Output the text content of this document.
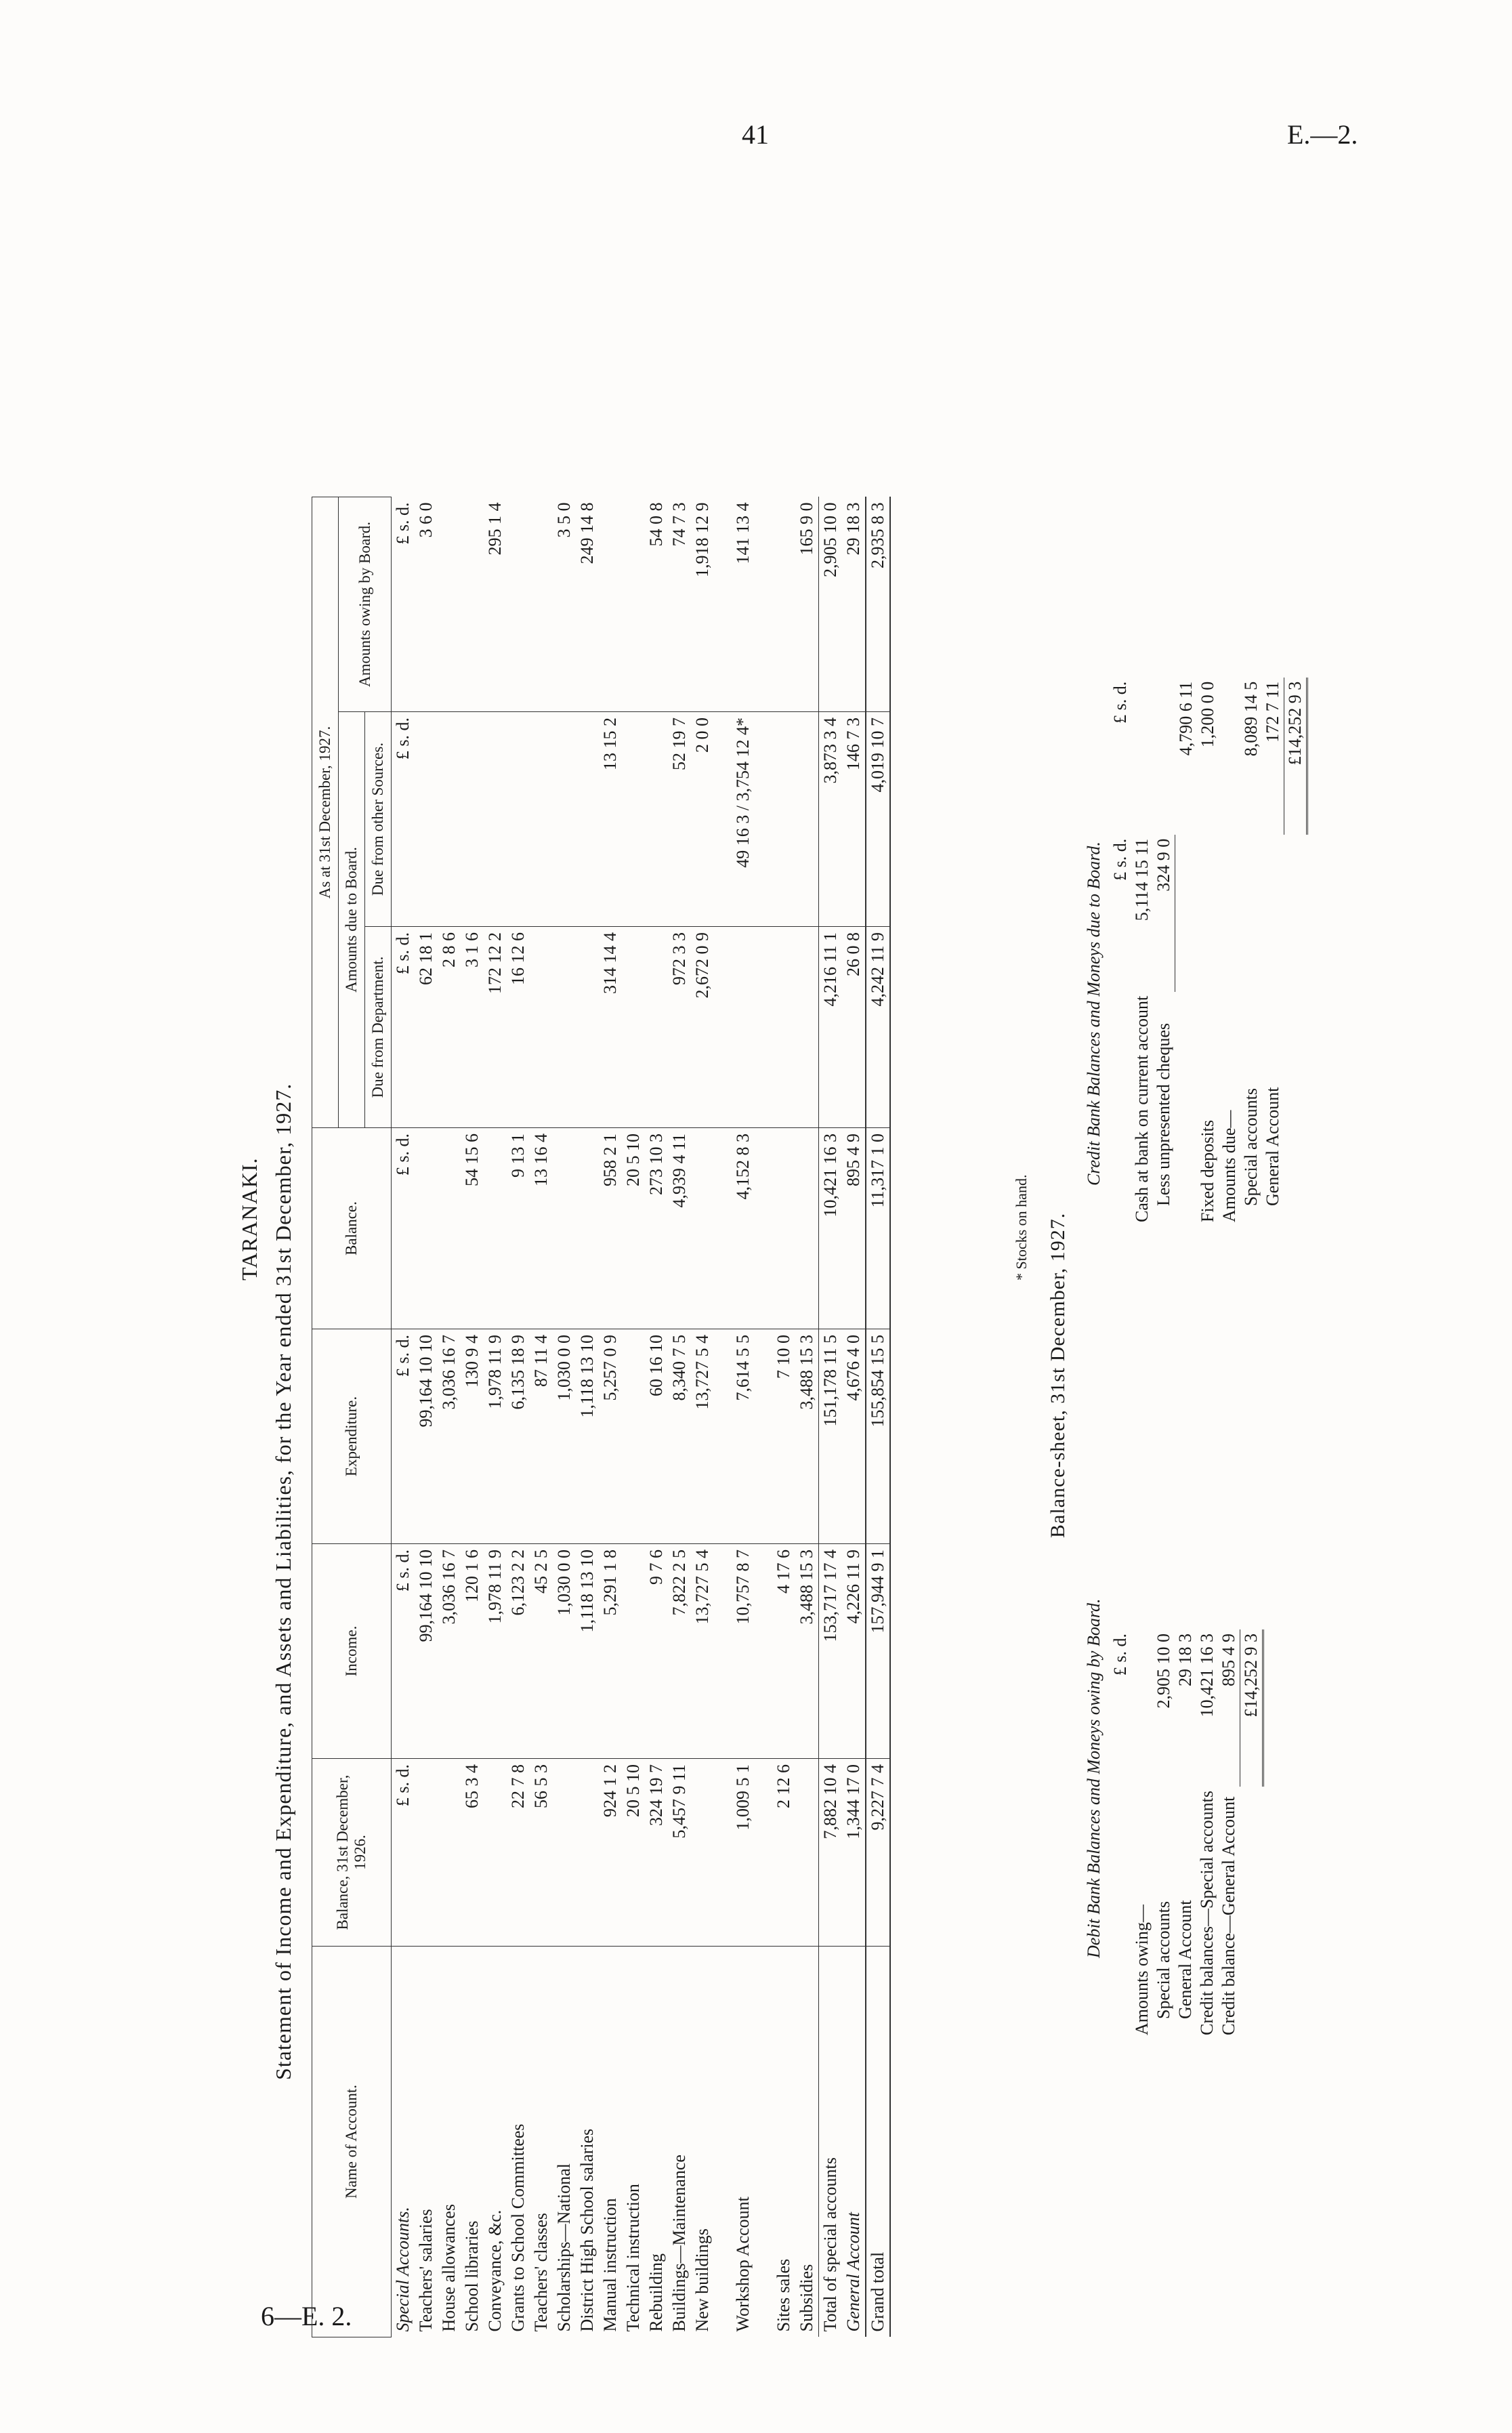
41	E.—2.
6—E. 2.
TARANAKI. Statement of Income and Expenditure, and Assets and Liabilities, for the Year ended 31st December, 1927.
Name of Account.	Balance, 31st December, 1926.	Income.	Expenditure.	Balance.	As at 31st December, 1927.		
					Amounts due to Board.		Amounts owing by Board.
					Due from Department.	Due from other Sources.	
Special Accounts.	£ s. d.	£ s. d.	£ s. d.	£ s. d.	£ s. d.	£ s. d.	£ s. d.
Teachers' salaries		99,164 10 10	99,164 10 10		62 18 1		3 6 0
House allowances		3,036 16 7	3,036 16 7		2 8 6		
School libraries	65 3 4	120 1 6	130 9 4	54 15 6	3 1 6		
Conveyance, &c.		1,978 11 9	1,978 11 9		172 12 2		295 1 4
Grants to School Committees	22 7 8	6,123 2 2	6,135 18 9	9 13 1	16 12 6		
Teachers' classes	56 5 3	45 2 5	87 11 4	13 16 4			
Scholarships—National		1,030 0 0	1,030 0 0				3 5 0
District High School salaries		1,118 13 10	1,118 13 10				249 14 8
Manual instruction	924 1 2	5,291 1 8	5,257 0 9	958 2 1	314 14 4	13 15 2	
Technical instruction	20 5 10			20 5 10			
Rebuilding	324 19 7	9 7 6	60 16 10	273 10 3			54 0 8
Buildings—Maintenance	5,457 9 11	7,822 2 5	8,340 7 5	4,939 4 11	972 3 3	52 19 7	74 7 3
New buildings		13,727 5 4	13,727 5 4		2,672 0 9	2 0 0	1,918 12 9

Workshop Account	1,009 5 1	10,757 8 7	7,614 5 5	4,152 8 3		49 16 3 / 3,754 12 4*	141 13 4

Sites sales	2 12 6	4 17 6	7 10 0				
Subsidies		3,488 15 3	3,488 15 3				165 9 0
Total of special accounts	7,882 10 4	153,717 17 4	151,178 11 5	10,421 16 3	4,216 11 1	3,873 3 4	2,905 10 0
General Account	1,344 17 0	4,226 11 9	4,676 4 0	895 4 9	26 0 8	146 7 3	29 18 3
Grand total	9,227 7 4	157,944 9 1	155,854 15 5	11,317 1 0	4,242 11 9	4,019 10 7	2,935 8 3
* Stocks on hand. Balance-sheet, 31st December, 1927.
Debit Bank Balances and Moneys owing by Board.
	£ s. d.
Amounts owing—	
Special accounts	2,905 10 0
General Account	29 18 3
Credit balances—Special accounts	10,421 16 3
Credit balance—General Account	895 4 9
	£14,252 9 3
Credit Bank Balances and Moneys due to Board.
	£ s. d.	£ s. d.
Cash at bank on current account	5,114 15 11	
Less unpresented cheques	324 9 0	
		4,790 6 11
Fixed deposits		1,200 0 0
Amounts due—		
Special accounts		8,089 14 5
General Account		172 7 11
		£14,252 9 3
